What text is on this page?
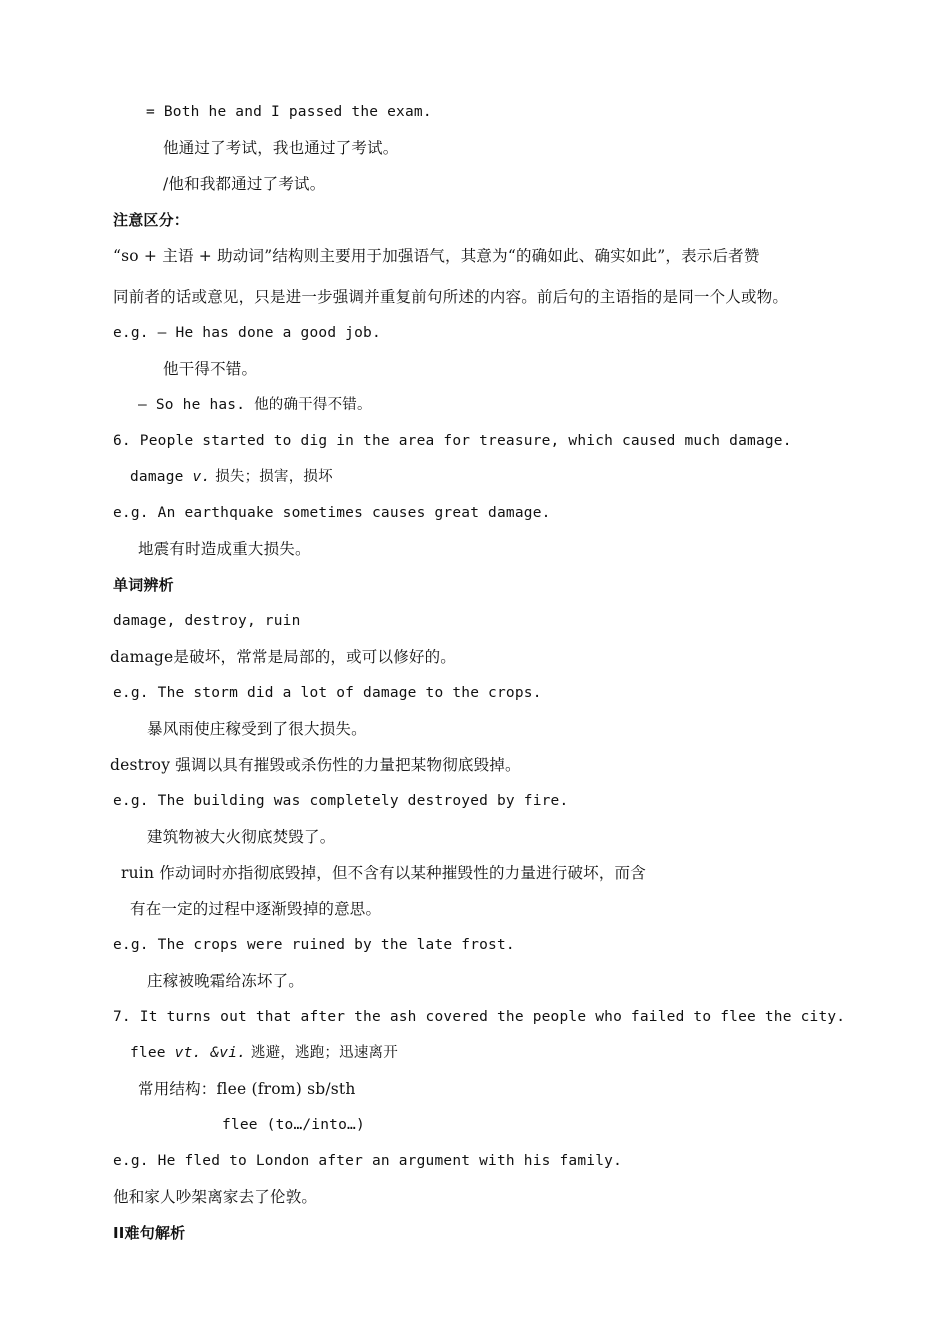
= Both he and I passed the exam.
他通过了考试，我也通过了考试。
/他和我都通过了考试。
注意区分：
“so + 主语 + 助动词”结构则主要用于加强语气，其意为“的确如此、确实如此”，表示后者赞
同前者的话或意见，只是进一步强调并重复前句所述的内容。前后句的主语指的是同一个人或物。
e.g. — He has done a good job.
他干得不错。
— So he has. 他的确干得不错。
6. People started to dig in the area for treasure, which caused much damage.
damage v. 损失；损害，损坏
e.g. An earthquake sometimes causes great damage.
地震有时造成重大损失。
单词辨析
damage, destroy, ruin
damage是破坏，常常是局部的，或可以修好的。
e.g. The storm did a lot of damage to the crops.
暴风雨使庄稼受到了很大损失。
destroy 强调以具有摧毁或杀伤性的力量把某物彻底毁掉。
e.g. The building was completely destroyed by fire.
建筑物被大火彻底焚毁了。
ruin 作动词时亦指彻底毁掉，但不含有以某种摧毁性的力量进行破坏，而含
有在一定的过程中逐渐毁掉的意思。
e.g. The crops were ruined by the late frost.
庄稼被晚霜给冻坏了。
7. It turns out that after the ash covered the people who failed to flee the city.
flee vt. &vi. 逃避，逃跑；迅速离开
常用结构：flee (from) sb/sth
flee (to…/into…)
e.g. He fled to London after an argument with his family.
他和家人吵架离家去了伦敦。
II难句解析
